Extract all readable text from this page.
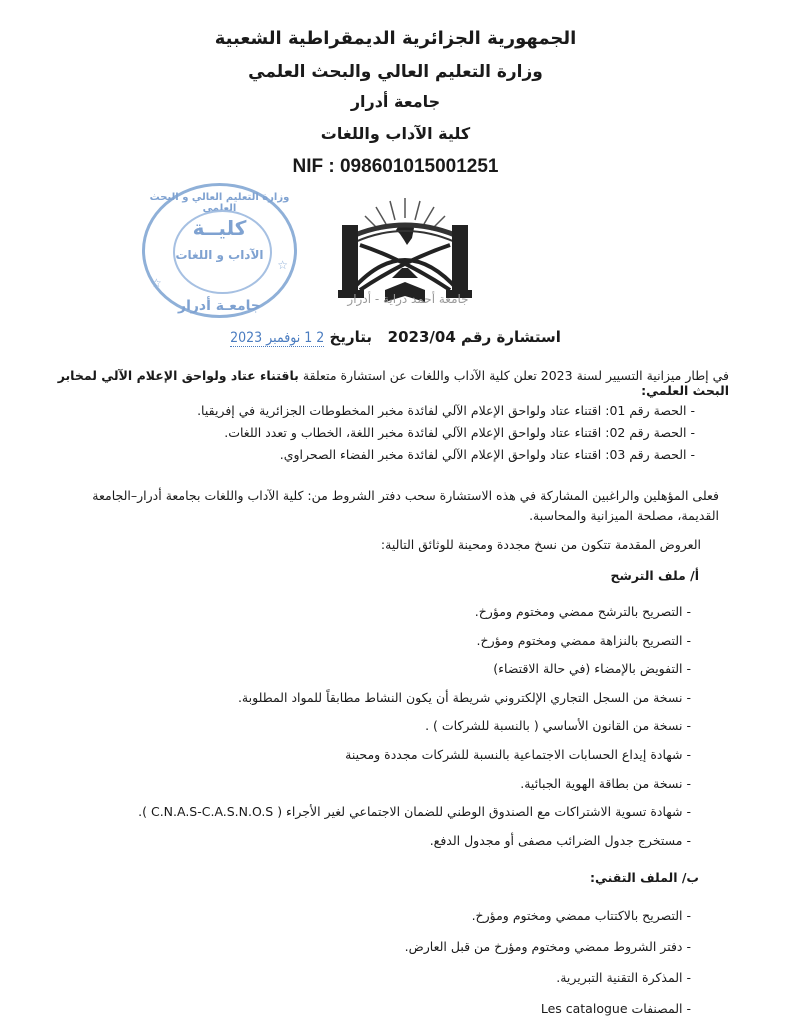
الجمهورية الجزائرية الديمقراطية الشعبية
وزارة التعليم العالي والبحث العلمي
جامعة أدرار
كلية الآداب واللغات
NIF : 098601015001251
وزارة التعليم العالي و البحث العلمي
كليــة
الآداب و اللغات
جامعـة أدرار
☆
☆
جامعة أحمد دراية - أدرار
استشارة رقم 2023/04   بتاريخ 2 1 نوفمبر 2023
في إطار ميزانية التسيير لسنة 2023 تعلن كلية الآداب واللغات عن استشارة متعلقة باقتناء عتاد ولواحق الإعلام الآلي لمخابر البحث العلمي:
- الحصة رقم 01: اقتناء عتاد ولواحق الإعلام الآلي لفائدة مخبر المخطوطات الجزائرية في إفريقيا.
- الحصة رقم 02: اقتناء عتاد ولواحق الإعلام الآلي لفائدة مخبر اللغة، الخطاب و تعدد اللغات.
- الحصة رقم 03: اقتناء عتاد ولواحق الإعلام الآلي لفائدة مخبر الفضاء الصحراوي.
فعلى المؤهلين والراغبين المشاركة في هذه الاستشارة سحب دفتر الشروط من: كلية الآداب واللغات بجامعة أدرار–الجامعة القديمة، مصلحة الميزانية والمحاسبة.
العروض المقدمة تتكون من نسخ مجددة ومحينة للوثائق التالية:
أ/ ملف الترشح
- التصريح بالترشح ممضي ومختوم ومؤرخ.
- التصريح بالنزاهة ممضي ومختوم ومؤرخ.
- التفويض بالإمضاء (في حالة الاقتضاء)
- نسخة من السجل التجاري الإلكتروني شريطة أن يكون النشاط مطابقاً للمواد المطلوبة.
- نسخة من القانون الأساسي ( بالنسبة للشركات ) .
- شهادة إيداع الحسابات الاجتماعية بالنسبة للشركات مجددة ومحينة
- نسخة من بطاقة الهوية الجبائية.
- شهادة تسوية الاشتراكات مع الصندوق الوطني للضمان الاجتماعي لغير الأجراء ( C.N.A.S-C.A.S.N.O.S ).
- مستخرج جدول الضرائب مصفى أو مجدول الدفع.
ب/ الملف التقني:
- التصريح بالاكتتاب ممضي ومختوم ومؤرخ.
- دفتر الشروط ممضي ومختوم ومؤرخ من قبل العارض.
- المذكرة التقنية التبريرية.
- المصنفات Les catalogue
